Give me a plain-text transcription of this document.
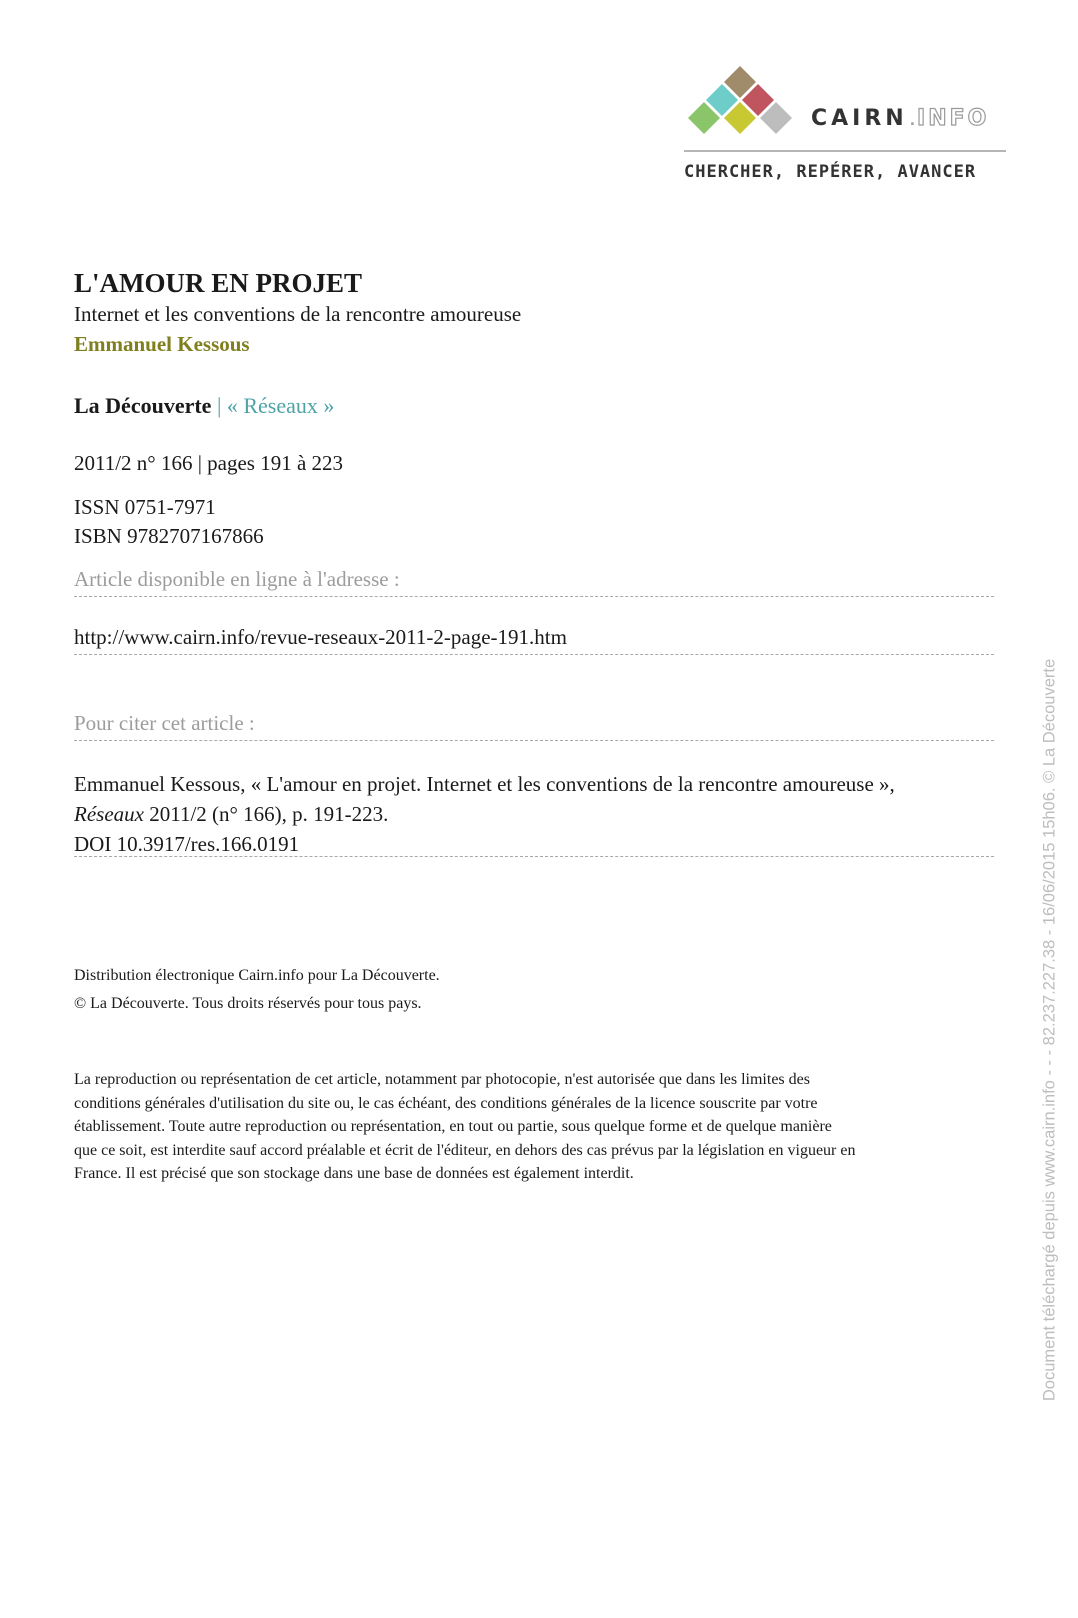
CAIRN .INFO
CHERCHER, REPÉRER, AVANCER
L'AMOUR EN PROJET
Internet et les conventions de la rencontre amoureuse
Emmanuel Kessous
La Découverte | « Réseaux »
2011/2 n° 166 | pages 191 à 223
ISSN 0751-7971
ISBN 9782707167866
Article disponible en ligne à l'adresse :
http://www.cairn.info/revue-reseaux-2011-2-page-191.htm
Pour citer cet article :
Emmanuel Kessous, « L'amour en projet. Internet et les conventions de la rencontre amoureuse »,
Réseaux 2011/2 (n° 166), p. 191-223.
DOI 10.3917/res.166.0191
Distribution électronique Cairn.info pour La Découverte.
© La Découverte. Tous droits réservés pour tous pays.
La reproduction ou représentation de cet article, notamment par photocopie, n'est autorisée que dans les limites des
conditions générales d'utilisation du site ou, le cas échéant, des conditions générales de la licence souscrite par votre
établissement. Toute autre reproduction ou représentation, en tout ou partie, sous quelque forme et de quelque manière
que ce soit, est interdite sauf accord préalable et écrit de l'éditeur, en dehors des cas prévus par la législation en vigueur en
France. Il est précisé que son stockage dans une base de données est également interdit.	Document téléchargé depuis www.cairn.info - - - 82.237.227.38 - 16/06/2015 15h06. © La Découverte
